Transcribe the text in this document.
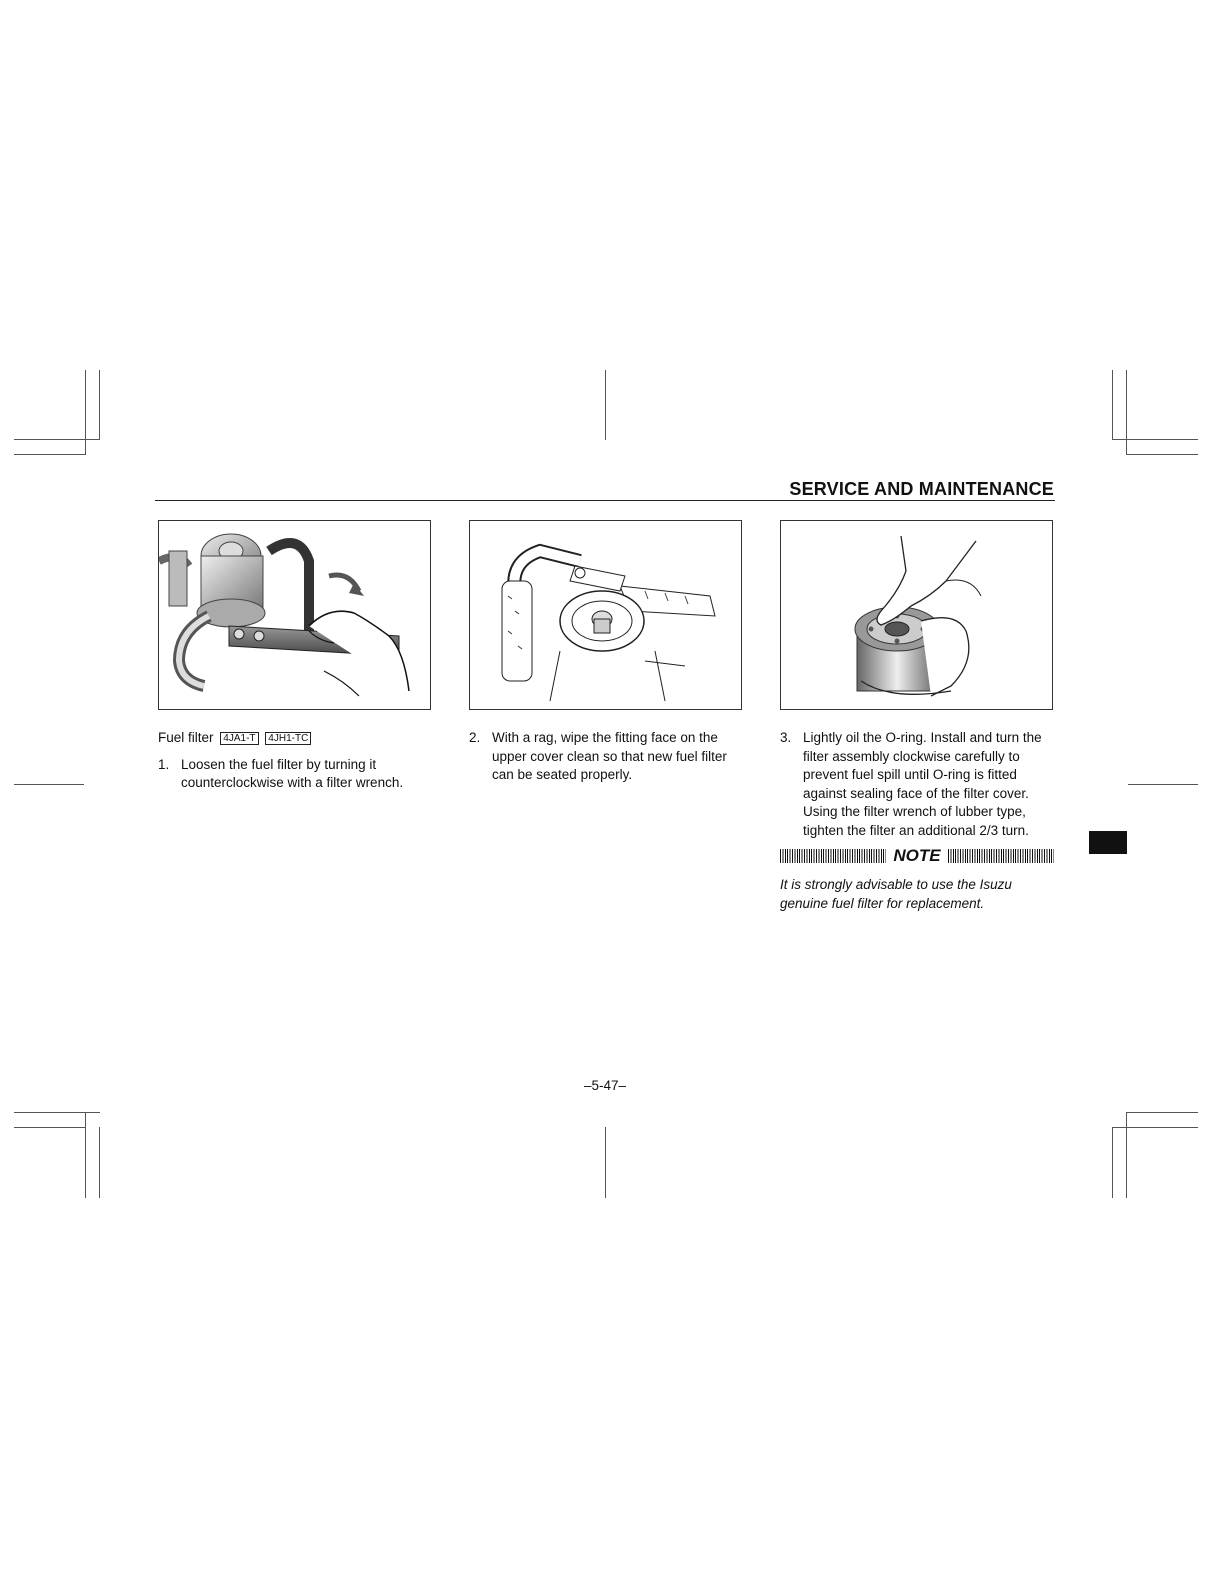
SERVICE AND MAINTENANCE

Fuel filter 4JA1-T 4JH1-TC

1. Loosen the fuel filter by turning it counterclockwise with a filter wrench.
2. With a rag, wipe the fitting face on the upper cover clean so that new fuel filter can be seated properly.
3. Lightly oil the O-ring. Install and turn the filter assembly clockwise carefully to prevent fuel spill until O-ring is fitted against sealing face of the filter cover. Using the filter wrench of lubber type, tighten the filter an additional 2/3 turn.
NOTE
It is strongly advisable to use the Isuzu genuine fuel filter for replacement.
–5-47–
